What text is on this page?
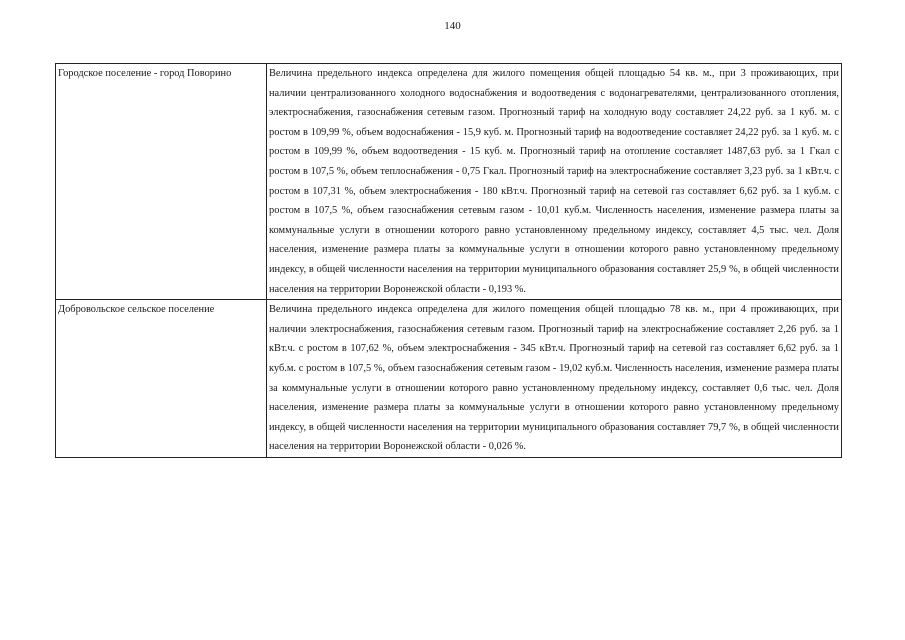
140
Городское поселение - город Поворино	Величина предельного индекса определена для жилого помещения общей площадью 54 кв. м., при 3 проживающих, при наличии централизованного холодного водоснабжения и водоотведения с водонагревателями, централизованного отопления, электроснабжения, газоснабжения сетевым газом. Прогнозный тариф на холодную воду составляет 24,22 руб. за 1 куб. м. с ростом в 109,99 %, объем водоснабжения - 15,9 куб. м. Прогнозный тариф на водоотведение составляет 24,22 руб. за 1 куб. м. с ростом в 109,99 %, объем водоотведения - 15 куб. м. Прогнозный тариф на отопление составляет 1487,63 руб. за 1 Гкал с ростом в 107,5 %, объем теплоснабжения - 0,75 Гкал. Прогнозный тариф на электроснабжение составляет 3,23 руб. за 1 кВт.ч. с ростом в 107,31 %, объем электроснабжения - 180 кВт.ч. Прогнозный тариф на сетевой газ составляет 6,62 руб. за 1 куб.м. с ростом в 107,5 %, объем газоснабжения сетевым газом - 10,01 куб.м. Численность населения, изменение размера платы за коммунальные услуги в отношении которого равно установленному предельному индексу, составляет 4,5 тыс. чел. Доля населения, изменение размера платы за коммунальные услуги в отношении которого равно установленному предельному индексу, в общей численности населения на территории муниципального образования составляет 25,9 %, в общей численности населения на территории Воронежской области - 0,193 %.
Добровольское сельское поселение	Величина предельного индекса определена для жилого помещения общей площадью 78 кв. м., при 4 проживающих, при наличии электроснабжения, газоснабжения сетевым газом. Прогнозный тариф на электроснабжение составляет 2,26 руб. за 1 кВт.ч. с ростом в 107,62 %, объем электроснабжения - 345 кВт.ч. Прогнозный тариф на сетевой газ составляет 6,62 руб. за 1 куб.м. с ростом в 107,5 %, объем газоснабжения сетевым газом - 19,02 куб.м. Численность населения, изменение размера платы за коммунальные услуги в отношении которого равно установленному предельному индексу, составляет 0,6 тыс. чел. Доля населения, изменение размера платы за коммунальные услуги в отношении которого равно установленному предельному индексу, в общей численности населения на территории муниципального образования составляет 79,7 %, в общей численности населения на территории Воронежской области - 0,026 %.
